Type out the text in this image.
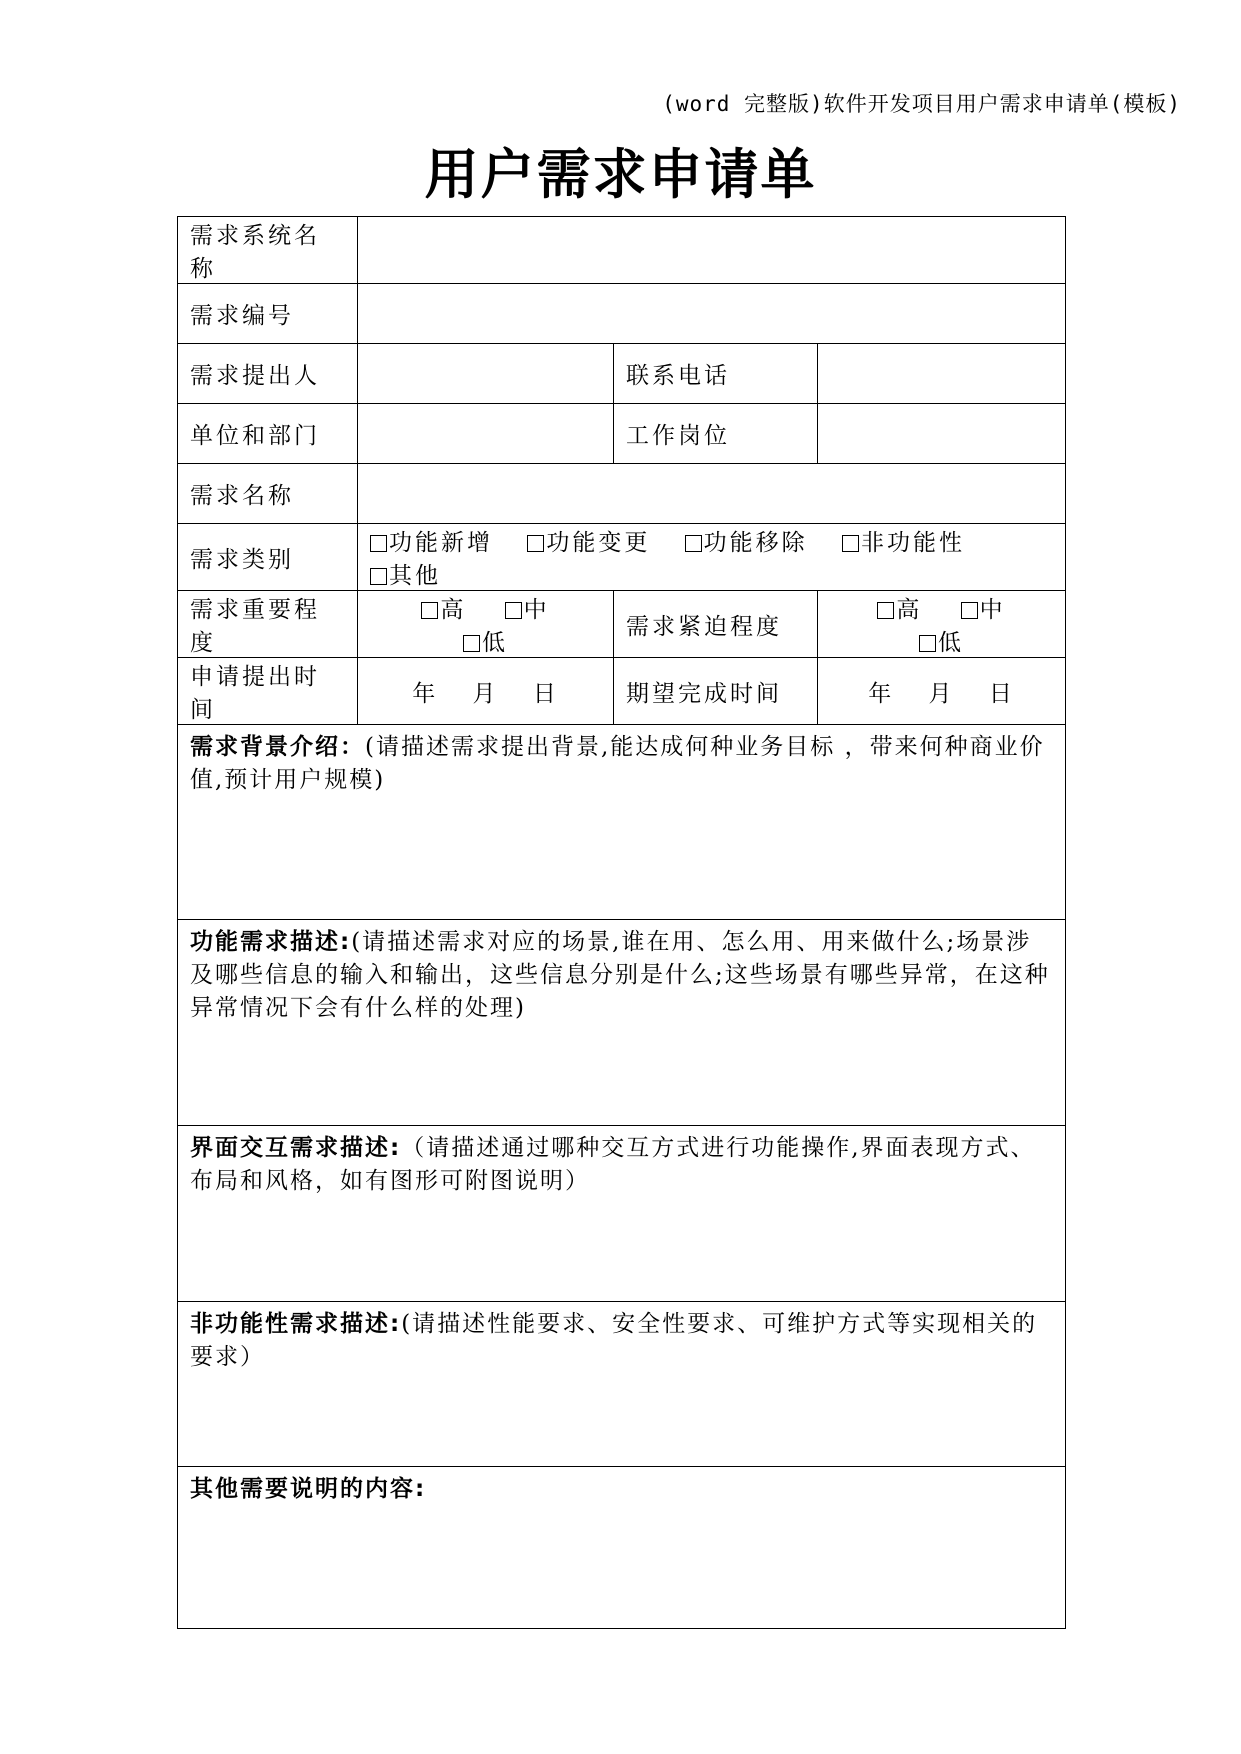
(word 完整版)软件开发项目用户需求申请单(模板)
用户需求申请单
需求系统名称			
需求编号			
需求提出人		联系电话	
单位和部门		工作岗位	
需求名称			
需求类别	功能新增 功能变更 功能移除 非功能性 其他		
需求重要程度	高 中 低	需求紧迫程度	高 中 低
申请提出时间	年 月 日	期望完成时间	年 月 日
需求背景介绍：(请描述需求提出背景,能达成何种业务目标 ，带来何种商业价值,预计用户规模)			
功能需求描述:(请描述需求对应的场景,谁在用、怎么用、用来做什么;场景涉及哪些信息的输入和输出，这些信息分别是什么;这些场景有哪些异常，在这种异常情况下会有什么样的处理)			
界面交互需求描述:（请描述通过哪种交互方式进行功能操作,界面表现方式、布局和风格，如有图形可附图说明）			
非功能性需求描述:(请描述性能要求、安全性要求、可维护方式等实现相关的要求）			
其他需要说明的内容:			
